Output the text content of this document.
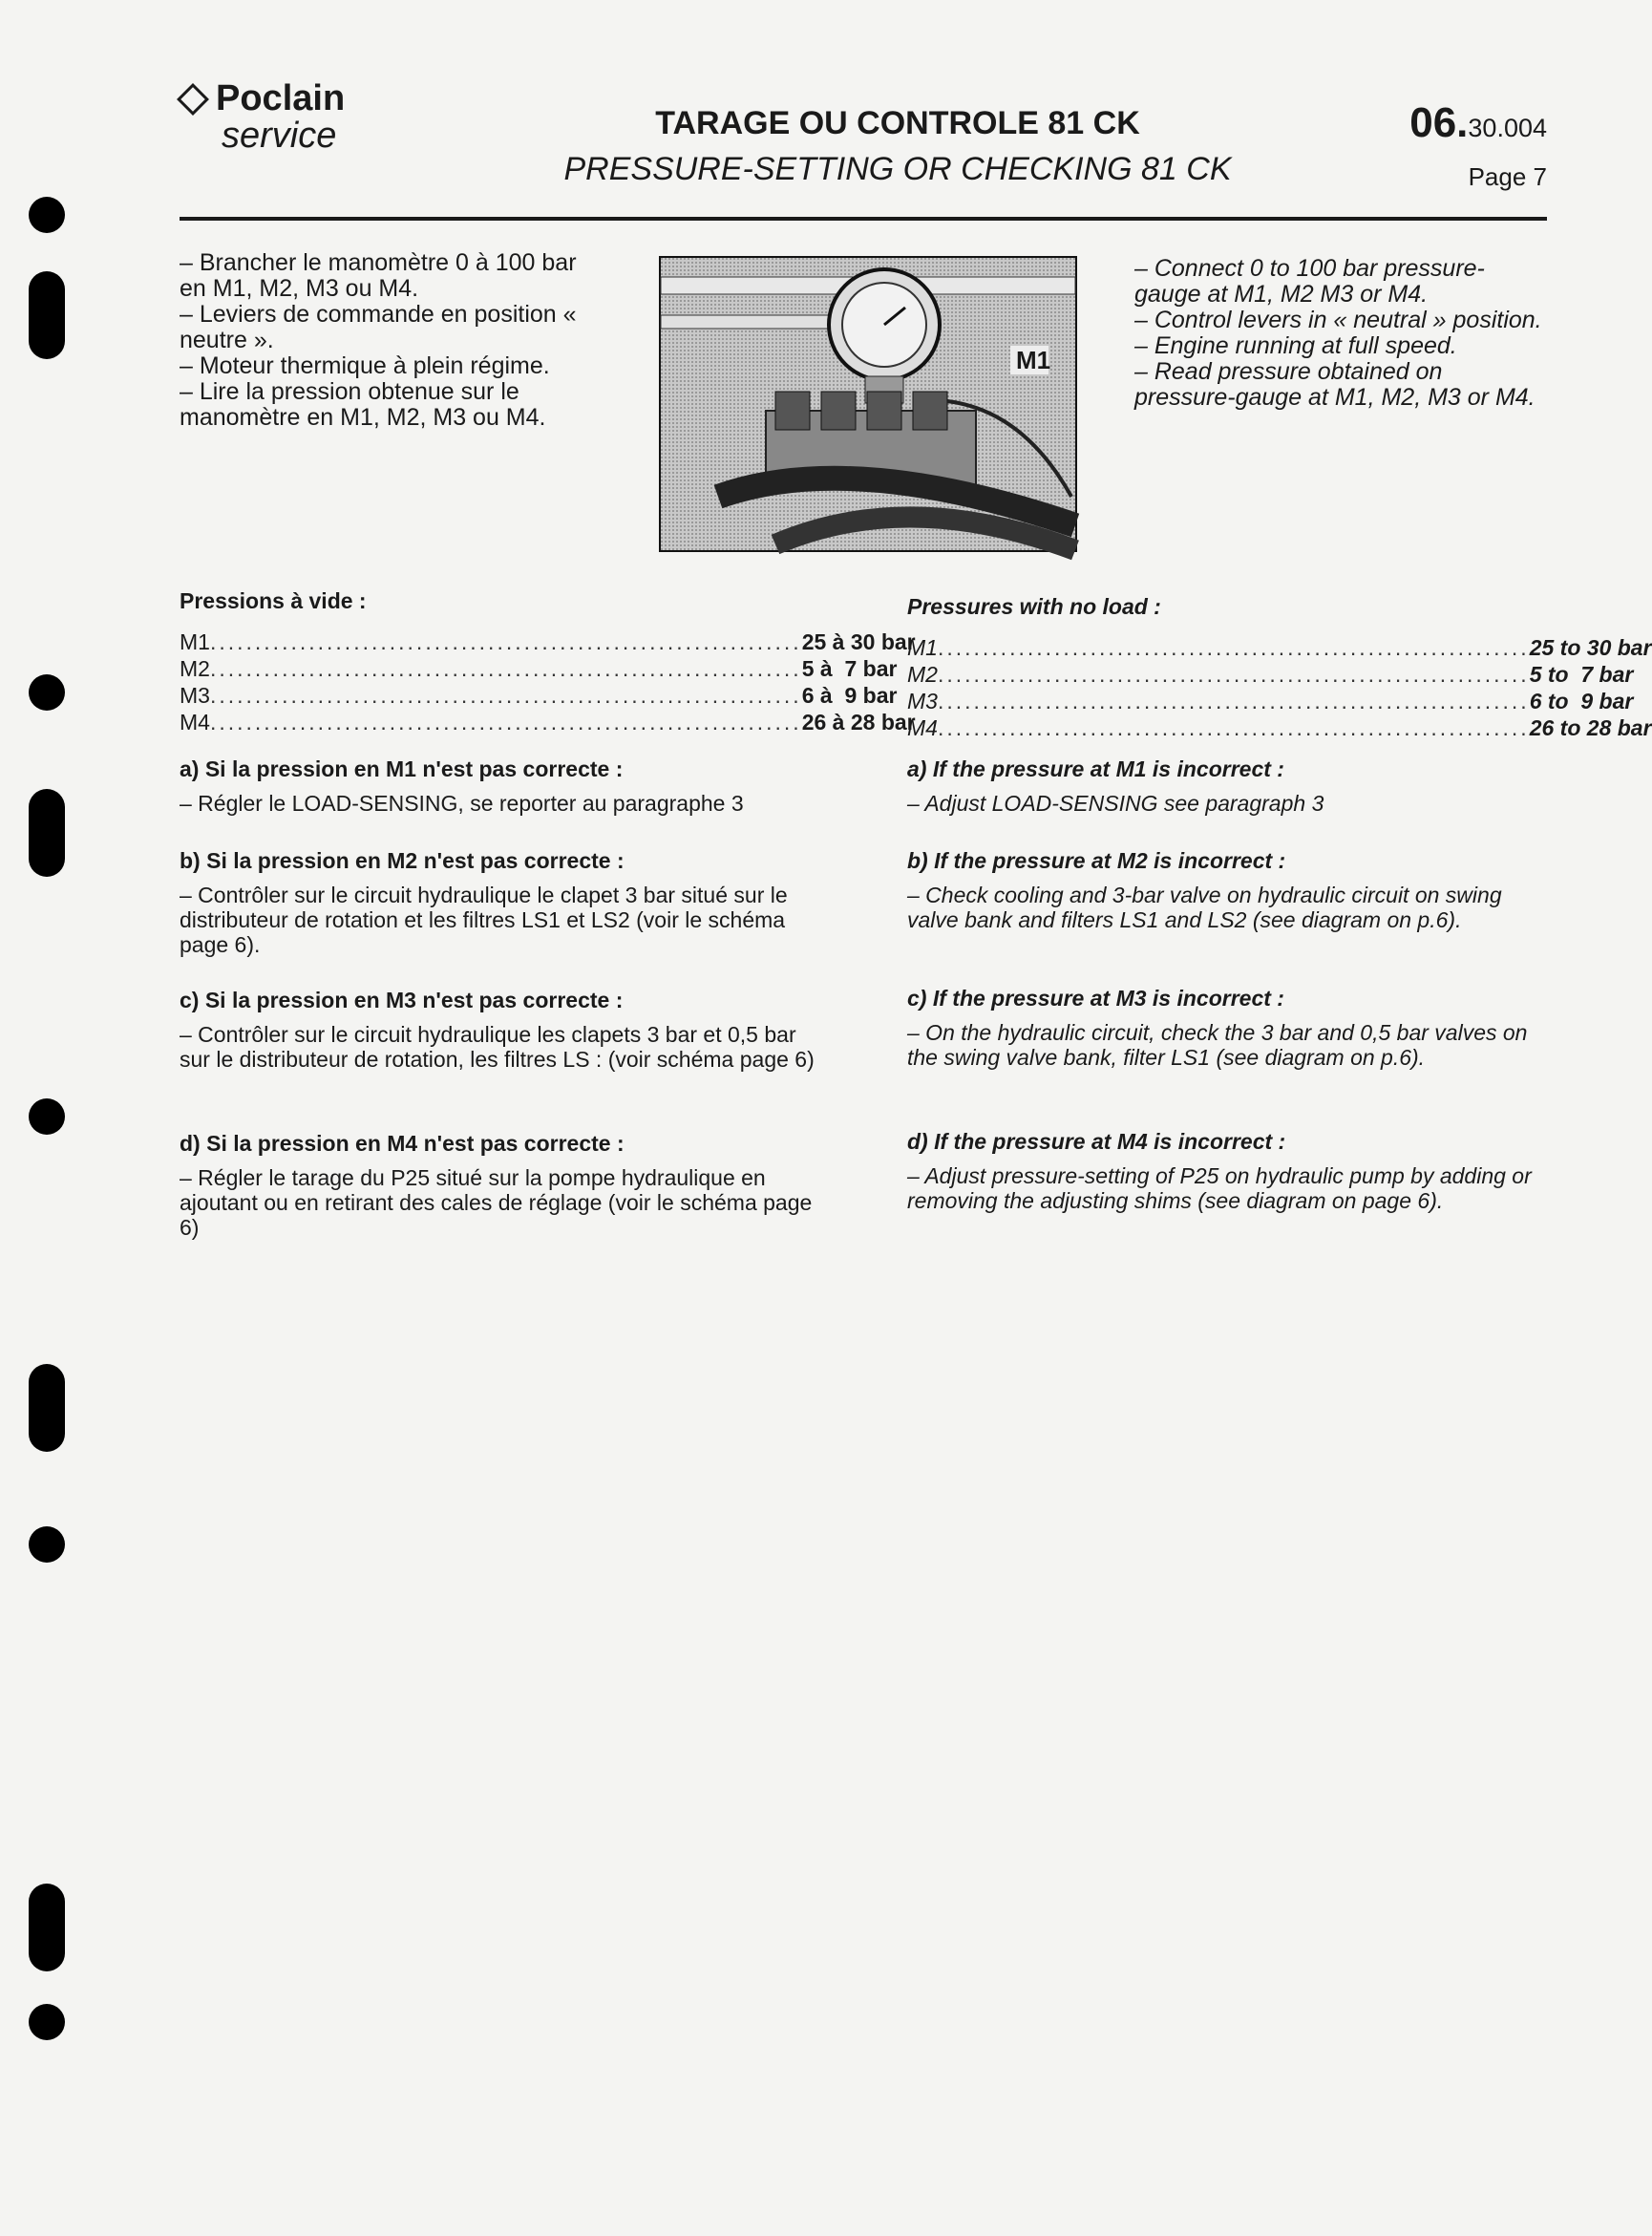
Poclain
service	TARAGE OU CONTROLE 81 CK
PRESSURE-SETTING OR CHECKING 81 CK
06.30.004
Page 7
– Brancher le manomètre 0 à 100 bar en M1, M2, M3 ou M4.
– Leviers de commande en position « neutre ».
– Moteur thermique à plein régime.
– Lire la pression obtenue sur le manomètre en M1, M2, M3 ou M4.
M1
– Connect 0 to 100 bar pressure-gauge at M1, M2 M3 or M4.
– Control levers in « neutral » position.
– Engine running at full speed.
– Read pressure obtained on pressure-gauge at M1, M2, M3 or M4.
Pressions à vide :
M1 .................................................................. 25 à 30 bar
M2 .................................................................. 5 à  7 bar
M3 .................................................................. 6 à  9 bar
M4 .................................................................. 26 à 28 bar
Pressures with no load :
M1 .................................................................. 25 to 30 bar
M2 .................................................................. 5 to  7 bar
M3 .................................................................. 6 to  9 bar
M4 .................................................................. 26 to 28 bar
a) Si la pression en M1 n'est pas correcte :
– Régler le LOAD-SENSING, se reporter au paragraphe 3
a) If the pressure at M1 is incorrect :
– Adjust LOAD-SENSING see paragraph 3
b) Si la pression en M2 n'est pas correcte :
– Contrôler sur le circuit hydraulique le clapet 3 bar situé sur le distributeur de rotation et les filtres LS1 et LS2 (voir le schéma page 6).
b) If the pressure at M2 is incorrect :
– Check cooling and 3-bar valve on hydraulic circuit on swing valve bank and filters LS1 and LS2 (see diagram on p.6).
c) Si la pression en M3 n'est pas correcte :
– Contrôler sur le circuit hydraulique les clapets 3 bar et 0,5 bar sur le distributeur de rotation, les filtres LS : (voir schéma page 6)
c) If the pressure at M3 is incorrect :
– On the hydraulic circuit, check the 3 bar and 0,5 bar valves on the swing valve bank, filter LS1 (see diagram on p.6).
d) Si la pression en M4 n'est pas correcte :
– Régler le tarage du P25 situé sur la pompe hydraulique en ajoutant ou en retirant des cales de réglage (voir le schéma page 6)
d) If the pressure at M4 is incorrect :
– Adjust pressure-setting of P25 on hydraulic pump by adding or removing the adjusting shims (see diagram on page 6).
